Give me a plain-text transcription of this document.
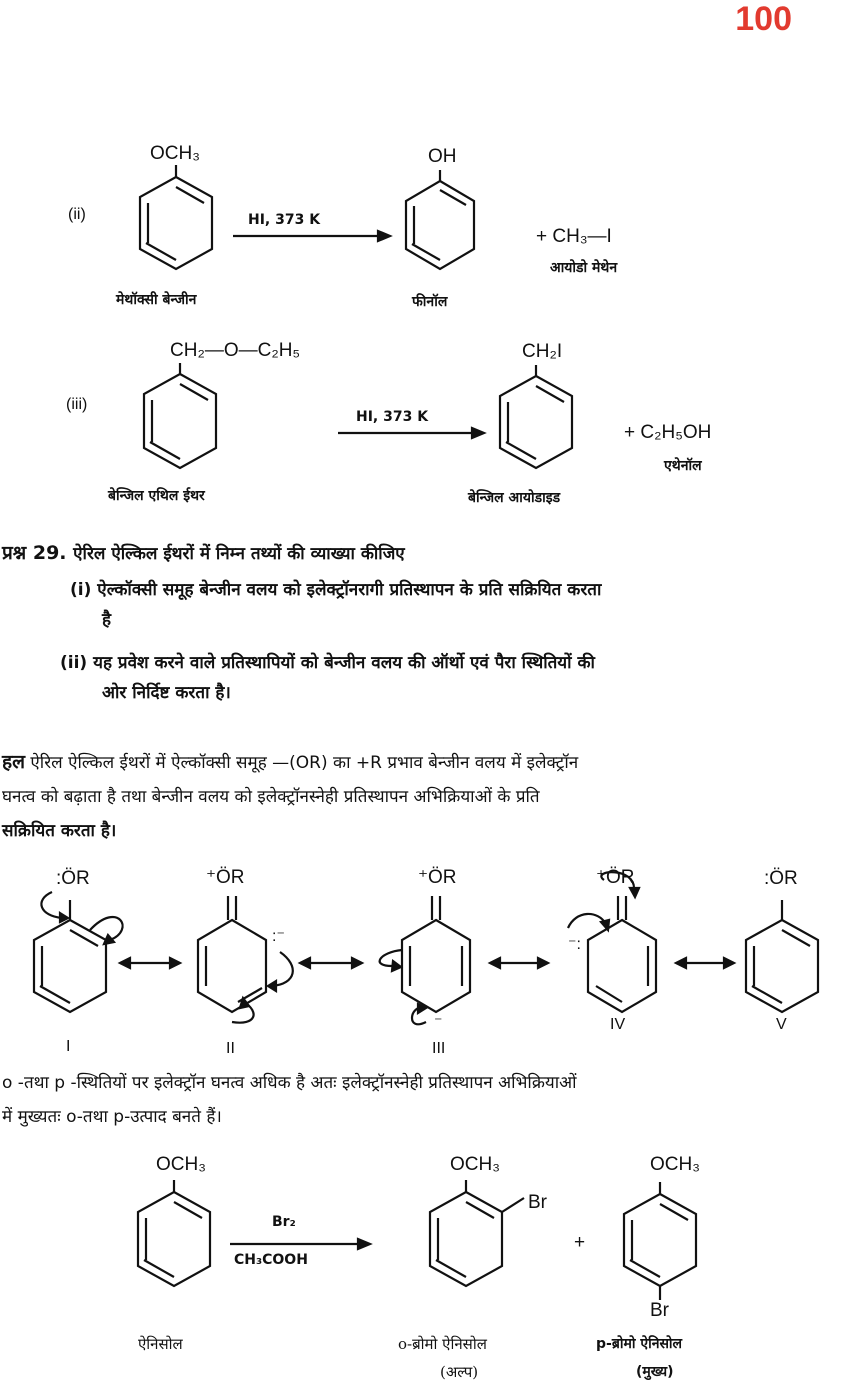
100
(ii)
OCH₃
HI, 373 K
OH
+ CH₃—I
आयोडो मेथेन
मेथॉक्सी बेन्जीन	फीनॉल
(iii)
CH₂—O—C₂H₅
HI, 373 K
CH₂I
+ C₂H₅OH
एथेनॉल
बेन्जिल एथिल ईथर	बेन्जिल आयोडाइड
प्रश्न 29. ऐरिल ऐल्किल ईथरों में निम्न तथ्यों की व्याख्या कीजिए
(i) ऐल्कॉक्सी समूह बेन्जीन वलय को इलेक्ट्रॉनरागी प्रतिस्थापन के प्रति सक्रियित करता
है
(ii) यह प्रवेश करने वाले प्रतिस्थापियों को बेन्जीन वलय की ऑर्थो एवं पैरा स्थितियों की
ओर निर्दिष्ट करता है।
हल ऐरिल ऐल्किल ईथरों में ऐल्कॉक्सी समूह —(OR) का +R प्रभाव बेन्जीन वलय में इलेक्ट्रॉन
घनत्व को बढ़ाता है तथा बेन्जीन वलय को इलेक्ट्रॉनस्नेही प्रतिस्थापन अभिक्रियाओं के प्रति
सक्रियित करता है।
:ÖR	⁺ÖR
:⁻
⁺ÖR
⁻
⁺ÖR
⁻:
:ÖR
I	II	III
IV	V
o -तथा p -स्थितियों पर इलेक्ट्रॉन घनत्व अधिक है अतः इलेक्ट्रॉनस्नेही प्रतिस्थापन अभिक्रियाओं
में मुख्यतः o-तथा p-उत्पाद बनते हैं।
OCH₃
Br₂
CH₃COOH
OCH₃
Br
+
OCH₃
Br
ऐनिसोल	o-ब्रोमो ऐनिसोल
(अल्प)
p-ब्रोमो ऐनिसोल
(मुख्य)
